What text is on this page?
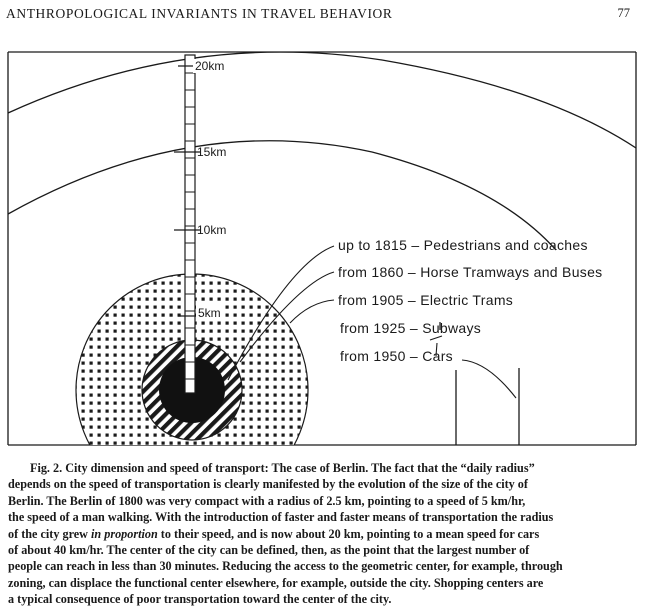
ANTHROPOLOGICAL INVARIANTS IN TRAVEL BEHAVIOR	77
20km
15km
10km
5km
up to 1815 – Pedestrians and coaches
from 1860 – Horse Tramways and Buses
from 1905 – Electric Trams
from 1925 – Subways
from 1950 – Cars
Fig. 2. City dimension and speed of transport: The case of Berlin. The fact that the “daily radius”
depends on the speed of transportation is clearly manifested by the evolution of the size of the city of
Berlin. The Berlin of 1800 was very compact with a radius of 2.5 km, pointing to a speed of 5 km/hr,
the speed of a man walking. With the introduction of faster and faster means of transportation the radius
of the city grew in proportion to their speed, and is now about 20 km, pointing to a mean speed for cars
of about 40 km/hr. The center of the city can be defined, then, as the point that the largest number of
people can reach in less than 30 minutes. Reducing the access to the geometric center, for example, through
zoning, can displace the functional center elsewhere, for example, outside the city. Shopping centers are
a typical consequence of poor transportation toward the center of the city.
